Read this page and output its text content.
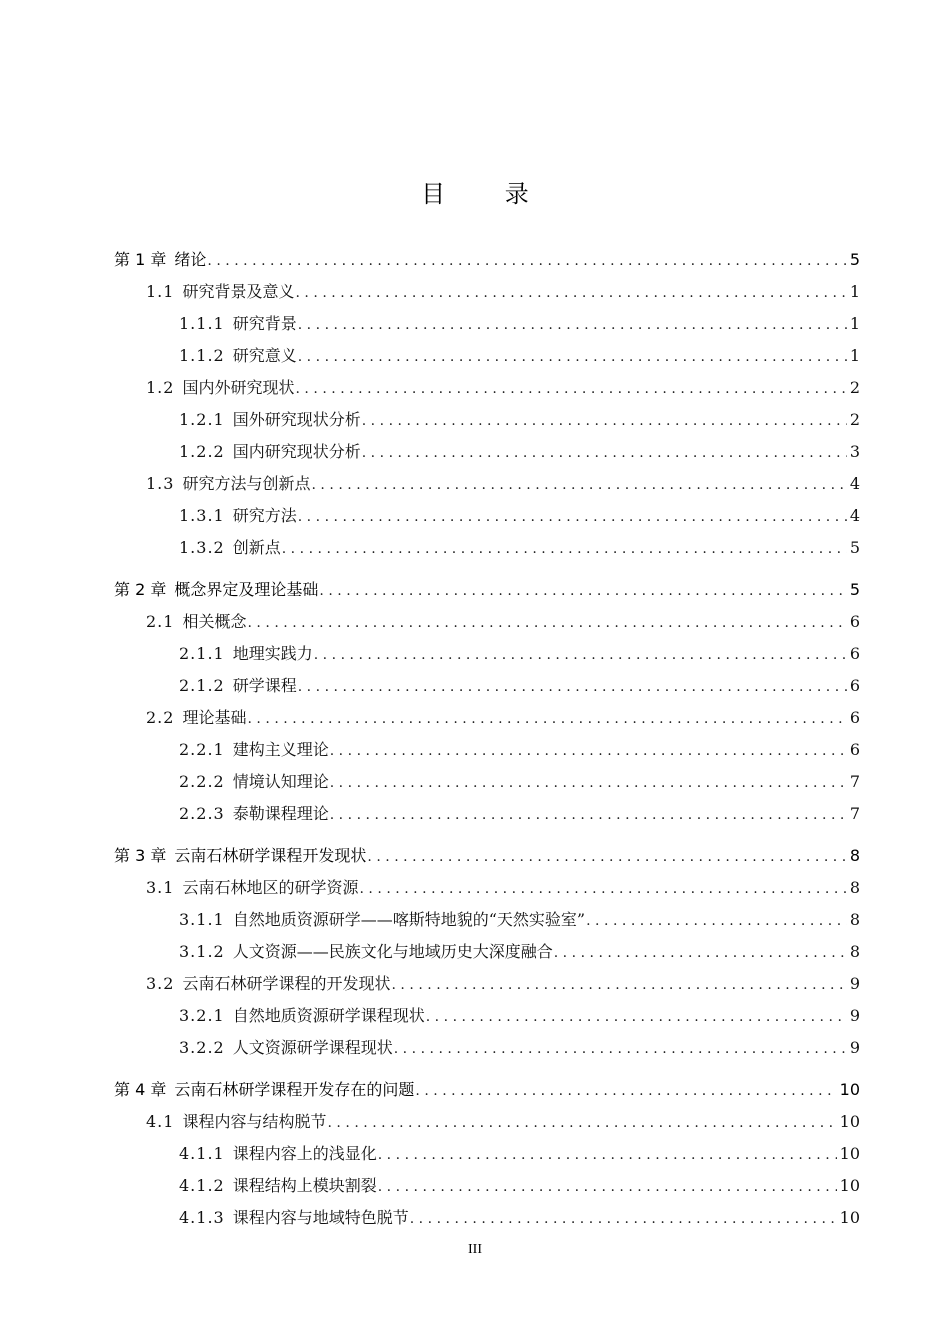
目 录
第 1 章 绪论 .....	5
1.1 研究背景及意义 .....	1
1.1.1 研究背景 .....	1
1.1.2 研究意义 .....	1
1.2 国内外研究现状 .....	2
1.2.1 国外研究现状分析 .....	2
1.2.2 国内研究现状分析 .....	3
1.3 研究方法与创新点 .....	4
1.3.1 研究方法 .....	4
1.3.2 创新点 .....	5
第 2 章 概念界定及理论基础 .....	5
2.1 相关概念 .....	6
2.1.1 地理实践力 .....	6
2.1.2 研学课程 .....	6
2.2 理论基础 .....	6
2.2.1 建构主义理论 .....	6
2.2.2 情境认知理论 .....	7
2.2.3 泰勒课程理论 .....	7
第 3 章 云南石林研学课程开发现状 .....	8
3.1 云南石林地区的研学资源 .....	8
3.1.1 自然地质资源研学——喀斯特地貌的“天然实验室” .....	8
3.1.2 人文资源——民族文化与地域历史大深度融合 .....	8
3.2 云南石林研学课程的开发现状 .....	9
3.2.1 自然地质资源研学课程现状 .....	9
3.2.2 人文资源研学课程现状 .....	9
第 4 章 云南石林研学课程开发存在的问题 .....	10
4.1 课程内容与结构脱节 .....	10
4.1.1 课程内容上的浅显化 .....	10
4.1.2 课程结构上模块割裂 .....	10
4.1.3 课程内容与地域特色脱节 .....	10
III
